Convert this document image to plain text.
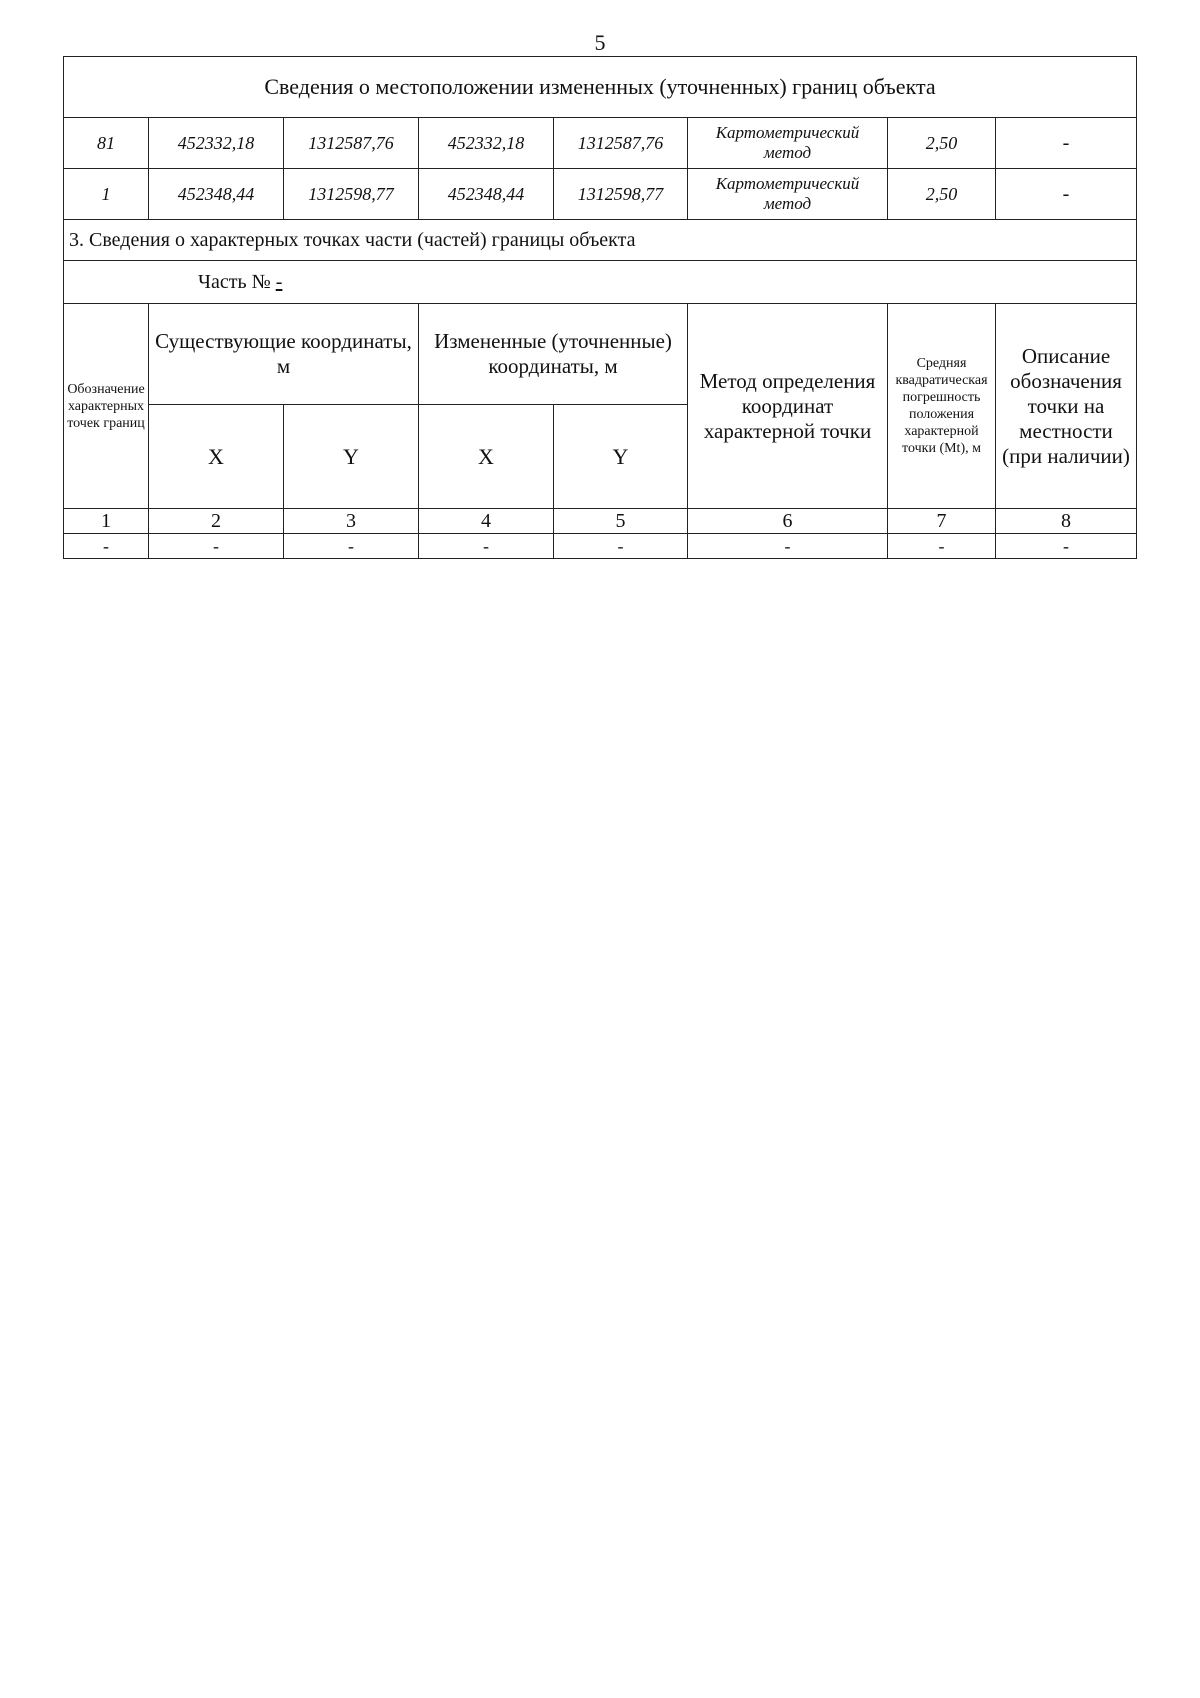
5
Сведения о местоположении измененных (уточненных) границ объекта							
81	452332,18	1312587,76	452332,18	1312587,76	Картометрический метод	2,50	-
1	452348,44	1312598,77	452348,44	1312598,77	Картометрический метод	2,50	-
3. Сведения о характерных точках части (частей) границы объекта							
Часть № -							
Обозначение характерных точек границ	Существующие координаты, м		Измененные (уточненные) координаты, м		Метод определения координат характерной точки	Средняя квадратическая погрешность положения характерной точки (Mt), м	Описание обозначения точки на местности (при наличии)
	X	Y	X	Y			
1	2	3	4	5	6	7	8
-	-	-	-	-	-	-	-
